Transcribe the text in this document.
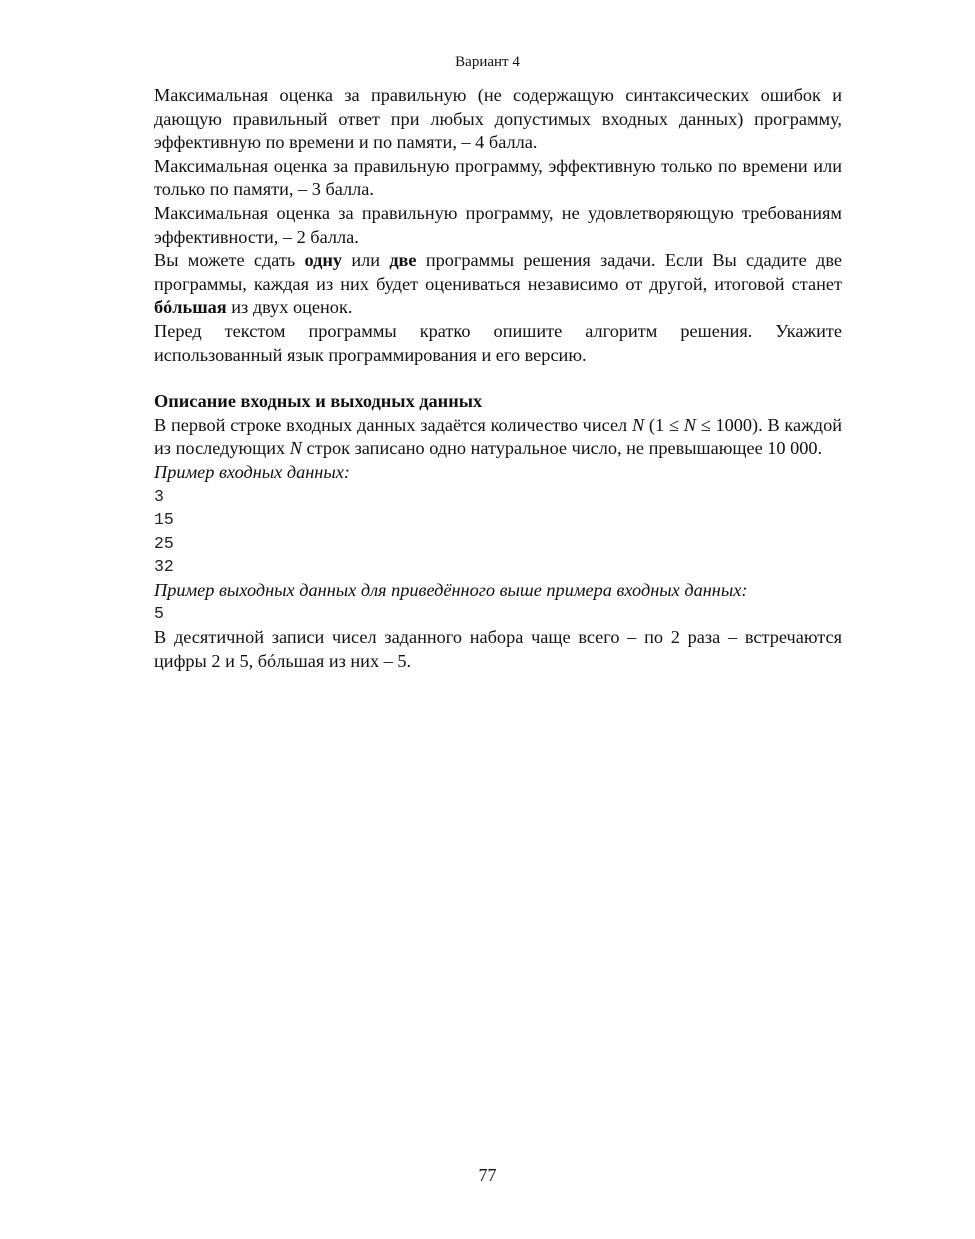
Вариант 4

Максимальная оценка за правильную (не содержащую синтаксических ошибок и дающую правильный ответ при любых допустимых входных данных) программу, эффективную по времени и по памяти, – 4 балла.

Максимальная оценка за правильную программу, эффективную только по времени или только по памяти, – 3 балла.

Максимальная оценка за правильную программу, не удовлетворяющую требованиям эффективности, – 2 балла.

Вы можете сдать одну или две программы решения задачи. Если Вы сдадите две программы, каждая из них будет оцениваться независимо от другой, итоговой станет бóльшая из двух оценок.

Перед текстом программы кратко опишите алгоритм решения. Укажите использованный язык программирования и его версию.

Описание входных и выходных данных

В первой строке входных данных задаётся количество чисел N (1 ≤ N ≤ 1000). В каждой из последующих N строк записано одно натуральное число, не превышающее 10 000.

Пример входных данных:

3

15

25

32

Пример выходных данных для приведённого выше примера входных данных:

5

В десятичной записи чисел заданного набора чаще всего – по 2 раза – встречаются цифры 2 и 5, бóльшая из них – 5.

77
